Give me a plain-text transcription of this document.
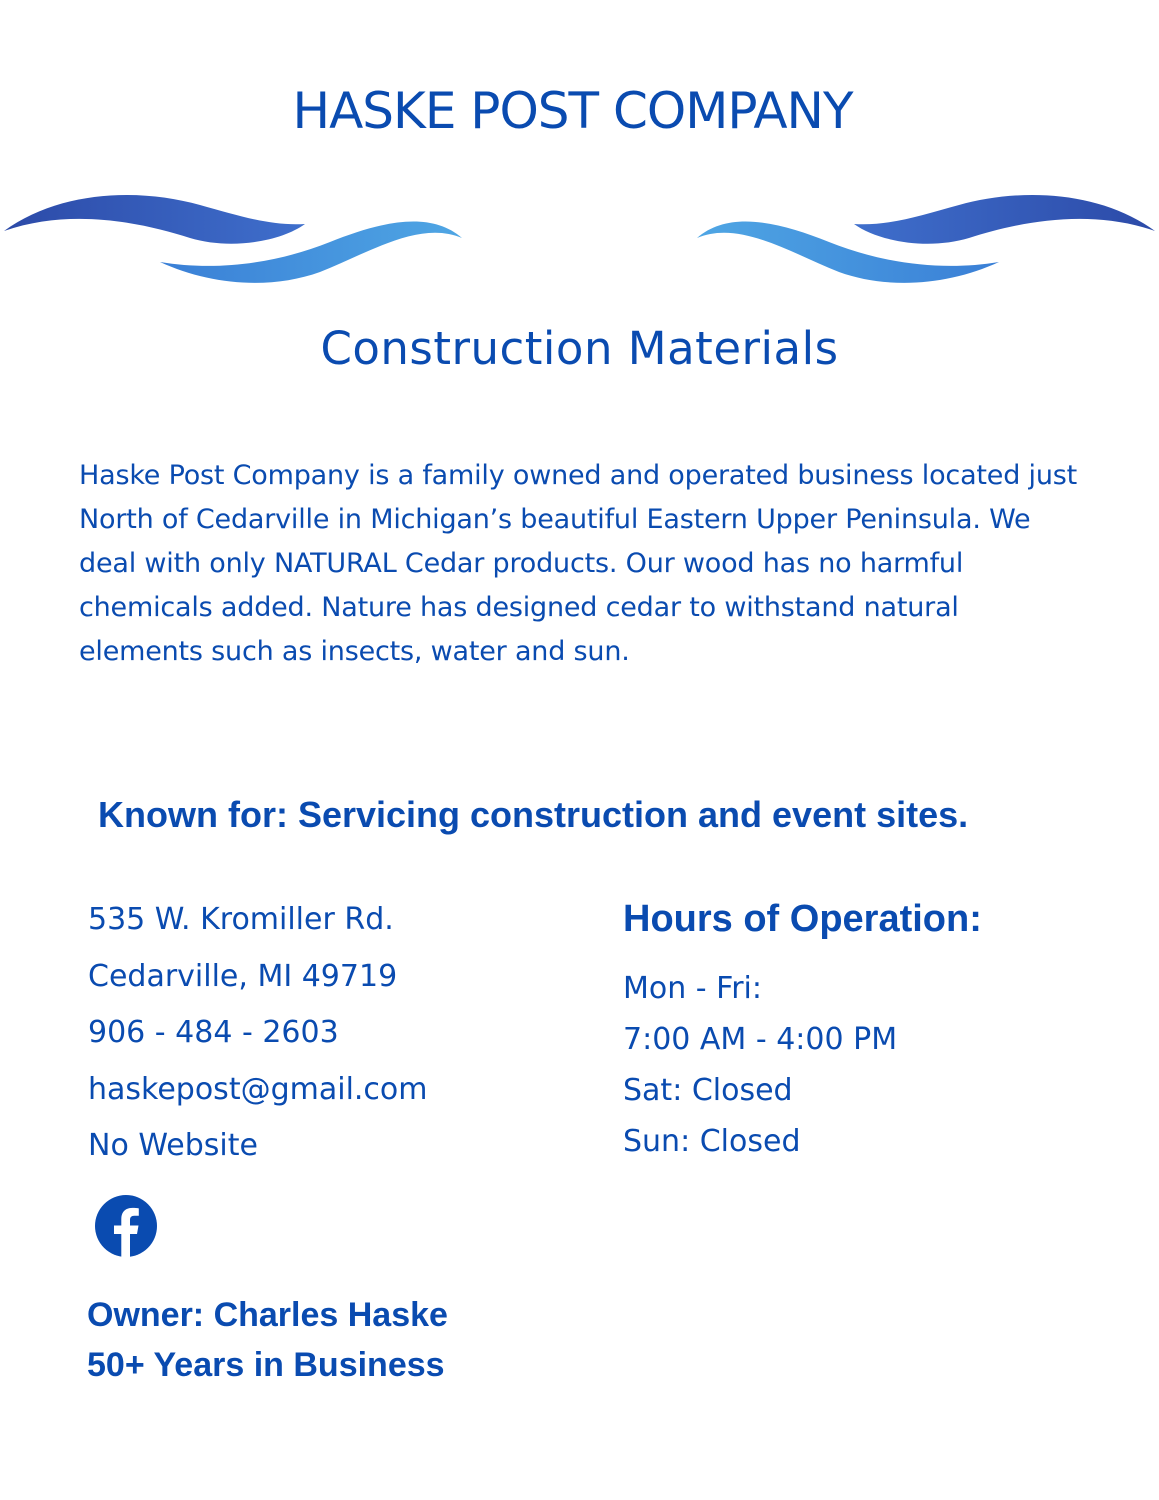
HASKE POST COMPANY
Construction Materials

Haske Post Company is a family owned and operated business located just North of Cedarville in Michigan’s beautiful Eastern Upper Peninsula. We deal with only NATURAL Cedar products. Our wood has no harmful chemicals added. Nature has designed cedar to withstand natural elements such as insects, water and sun.

Known for: Servicing construction and event sites.

535 W. Kromiller Rd.
Cedarville, MI 49719
906 - 484 - 2603
haskepost@gmail.com
No Website
Hours of Operation:
Mon - Fri:
7:00 AM - 4:00 PM
Sat: Closed
Sun: Closed
Owner: Charles Haske
50+ Years in Business
